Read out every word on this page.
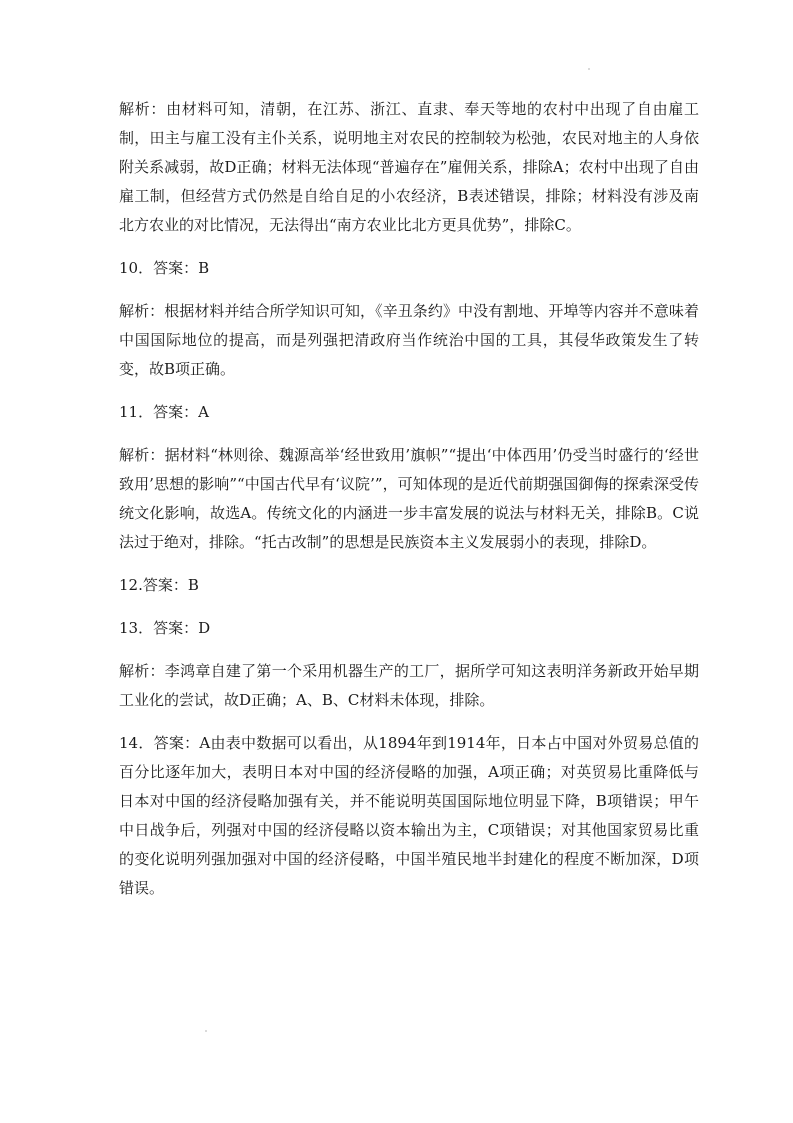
解析：由材料可知，清朝，在江苏、浙江、直隶、奉天等地的农村中出现了自由雇工制，田主与雇工没有主仆关系，说明地主对农民的控制较为松弛，农民对地主的人身依附关系减弱，故D正确；材料无法体现“普遍存在”雇佣关系，排除A；农村中出现了自由雇工制，但经营方式仍然是自给自足的小农经济，B表述错误，排除；材料没有涉及南北方农业的对比情况，无法得出“南方农业比北方更具优势”，排除C。

10．答案：B

解析：根据材料并结合所学知识可知，《辛丑条约》中没有割地、开埠等内容并不意味着中国国际地位的提高，而是列强把清政府当作统治中国的工具，其侵华政策发生了转变，故B项正确。

11．答案：A

解析：据材料“林则徐、魏源高举‘经世致用’旗帜”“提出‘中体西用’仍受当时盛行的‘经世致用’思想的影响”“中国古代早有‘议院’”，可知体现的是近代前期强国御侮的探索深受传统文化影响，故选A。传统文化的内涵进一步丰富发展的说法与材料无关，排除B。C说法过于绝对，排除。“托古改制”的思想是民族资本主义发展弱小的表现，排除D。

12.答案：B

13．答案：D

解析：李鸿章自建了第一个采用机器生产的工厂，据所学可知这表明洋务新政开始早期工业化的尝试，故D正确；A、B、C材料未体现，排除。

14．答案：A由表中数据可以看出，从1894年到1914年，日本占中国对外贸易总值的百分比逐年加大，表明日本对中国的经济侵略的加强，A项正确；对英贸易比重降低与日本对中国的经济侵略加强有关，并不能说明英国国际地位明显下降，B项错误；甲午中日战争后，列强对中国的经济侵略以资本输出为主，C项错误；对其他国家贸易比重的变化说明列强加强对中国的经济侵略，中国半殖民地半封建化的程度不断加深，D项错误。
